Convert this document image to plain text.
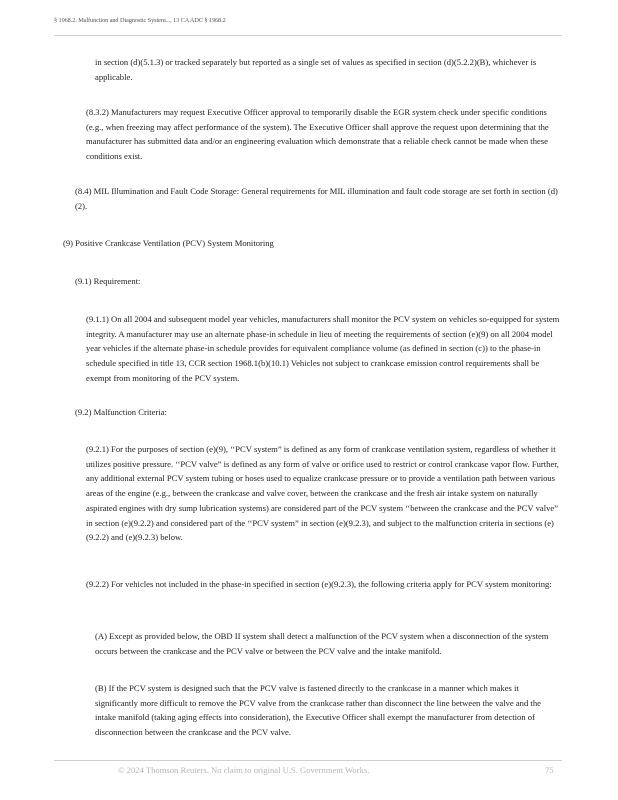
§ 1968.2. Malfunction and Diagnostic System..., 13 CA ADC § 1968.2

in section (d)(5.1.3) or tracked separately but reported as a single set of values as specified in section (d)(5.2.2)(B), whichever is applicable.

(8.3.2) Manufacturers may request Executive Officer approval to temporarily disable the EGR system check under specific conditions (e.g., when freezing may affect performance of the system). The Executive Officer shall approve the request upon determining that the manufacturer has submitted data and/or an engineering evaluation which demonstrate that a reliable check cannot be made when these conditions exist.

(8.4) MIL Illumination and Fault Code Storage: General requirements for MIL illumination and fault code storage are set forth in section (d)(2).

(9) Positive Crankcase Ventilation (PCV) System Monitoring

(9.1) Requirement:

(9.1.1) On all 2004 and subsequent model year vehicles, manufacturers shall monitor the PCV system on vehicles so-equipped for system integrity. A manufacturer may use an alternate phase-in schedule in lieu of meeting the requirements of section (e)(9) on all 2004 model year vehicles if the alternate phase-in schedule provides for equivalent compliance volume (as defined in section (c)) to the phase-in schedule specified in title 13, CCR section 1968.1(b)(10.1) Vehicles not subject to crankcase emission control requirements shall be exempt from monitoring of the PCV system.

(9.2) Malfunction Criteria:

(9.2.1) For the purposes of section (e)(9), ‘‘PCV system” is defined as any form of crankcase ventilation system, regardless of whether it utilizes positive pressure. ‘‘PCV valve” is defined as any form of valve or orifice used to restrict or control crankcase vapor flow. Further, any additional external PCV system tubing or hoses used to equalize crankcase pressure or to provide a ventilation path between various areas of the engine (e.g., between the crankcase and valve cover, between the crankcase and the fresh air intake system on naturally aspirated engines with dry sump lubrication systems) are considered part of the PCV system ‘‘between the crankcase and the PCV valve” in section (e)(9.2.2) and considered part of the ‘‘PCV system” in section (e)(9.2.3), and subject to the malfunction criteria in sections (e)(9.2.2) and (e)(9.2.3) below.

(9.2.2) For vehicles not included in the phase-in specified in section (e)(9.2.3), the following criteria apply for PCV system monitoring:

(A) Except as provided below, the OBD II system shall detect a malfunction of the PCV system when a disconnection of the system occurs between the crankcase and the PCV valve or between the PCV valve and the intake manifold.

(B) If the PCV system is designed such that the PCV valve is fastened directly to the crankcase in a manner which makes it significantly more difficult to remove the PCV valve from the crankcase rather than disconnect the line between the valve and the intake manifold (taking aging effects into consideration), the Executive Officer shall exempt the manufacturer from detection of disconnection between the crankcase and the PCV valve.

© 2024 Thomson Reuters. No claim to original U.S. Government Works.	75
